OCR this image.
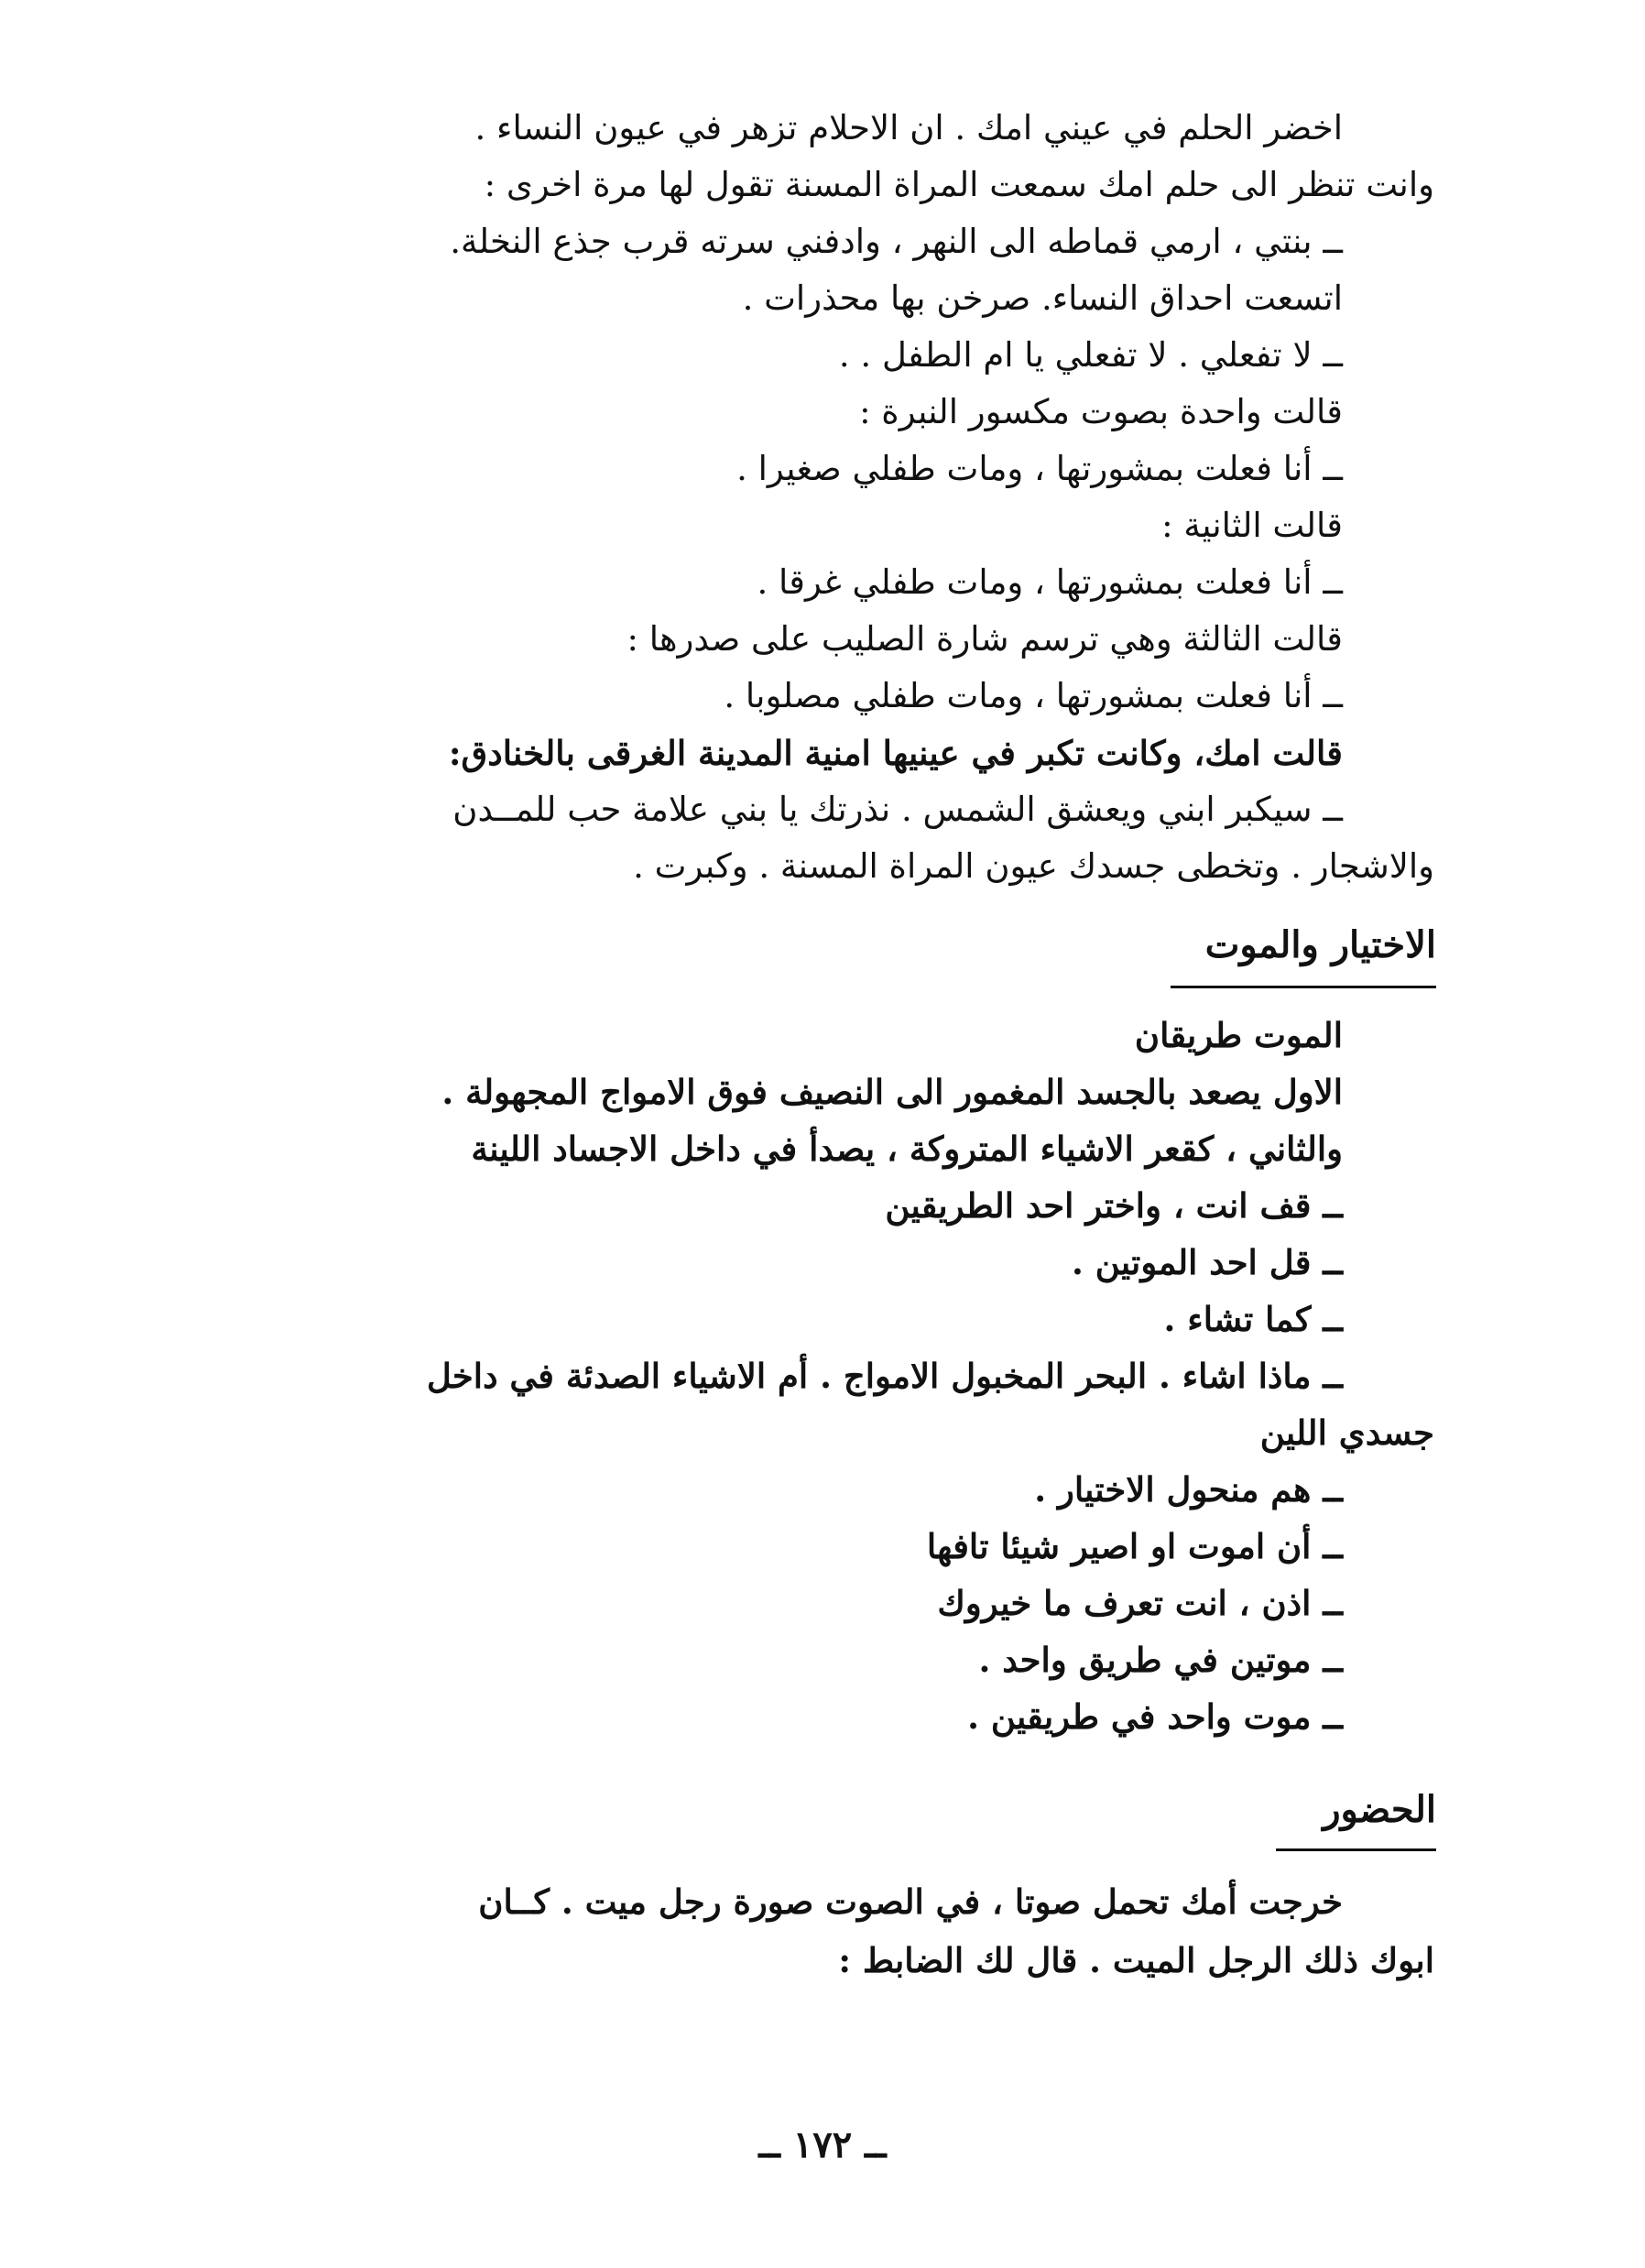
اخضر الحلم في عيني امك . ان الاحلام تزهر في عيون النساء .
وانت تنظر الى حلم امك سمعت المراة المسنة تقول لها مرة اخرى :
ــ بنتي ، ارمي قماطه الى النهر ، وادفني سرته قرب جذع النخلة.
اتسعت احداق النساء. صرخن بها محذرات .
ــ لا تفعلي . لا تفعلي يا ام الطفل . .
قالت واحدة بصوت مكسور النبرة :
ــ أنا فعلت بمشورتها ، ومات طفلي صغيرا .
قالت الثانية :
ــ أنا فعلت بمشورتها ، ومات طفلي غرقا .
قالت الثالثة وهي ترسم شارة الصليب على صدرها :
ــ أنا فعلت بمشورتها ، ومات طفلي مصلوبا .
قالت امك، وكانت تكبر في عينيها امنية المدينة الغرقى بالخنادق:
ــ سيكبر ابني ويعشق الشمس . نذرتك يا بني علامة حب للمــدن
والاشجار . وتخطى جسدك عيون المراة المسنة . وكبرت .
الاختيار والموت
الموت طريقان
الاول يصعد بالجسد المغمور الى النصيف فوق الامواج المجهولة .
والثاني ، كقعر الاشياء المتروكة ، يصدأ في داخل الاجساد اللينة
ــ قف انت ، واختر احد الطريقين
ــ قل احد الموتين .
ــ كما تشاء .
ــ ماذا اشاء . البحر المخبول الامواج . أم الاشياء الصدئة في داخل
جسدي اللين
ــ هم منحول الاختيار .
ــ أن اموت او اصير شيئا تافها
ــ اذن ، انت تعرف ما خيروك
ــ موتين في طريق واحد .
ــ موت واحد في طريقين .
الحضور
خرجت أمك تحمل صوتا ، في الصوت صورة رجل ميت . كــان
ابوك ذلك الرجل الميت . قال لك الضابط :
ــ ١٧٢ ــ
